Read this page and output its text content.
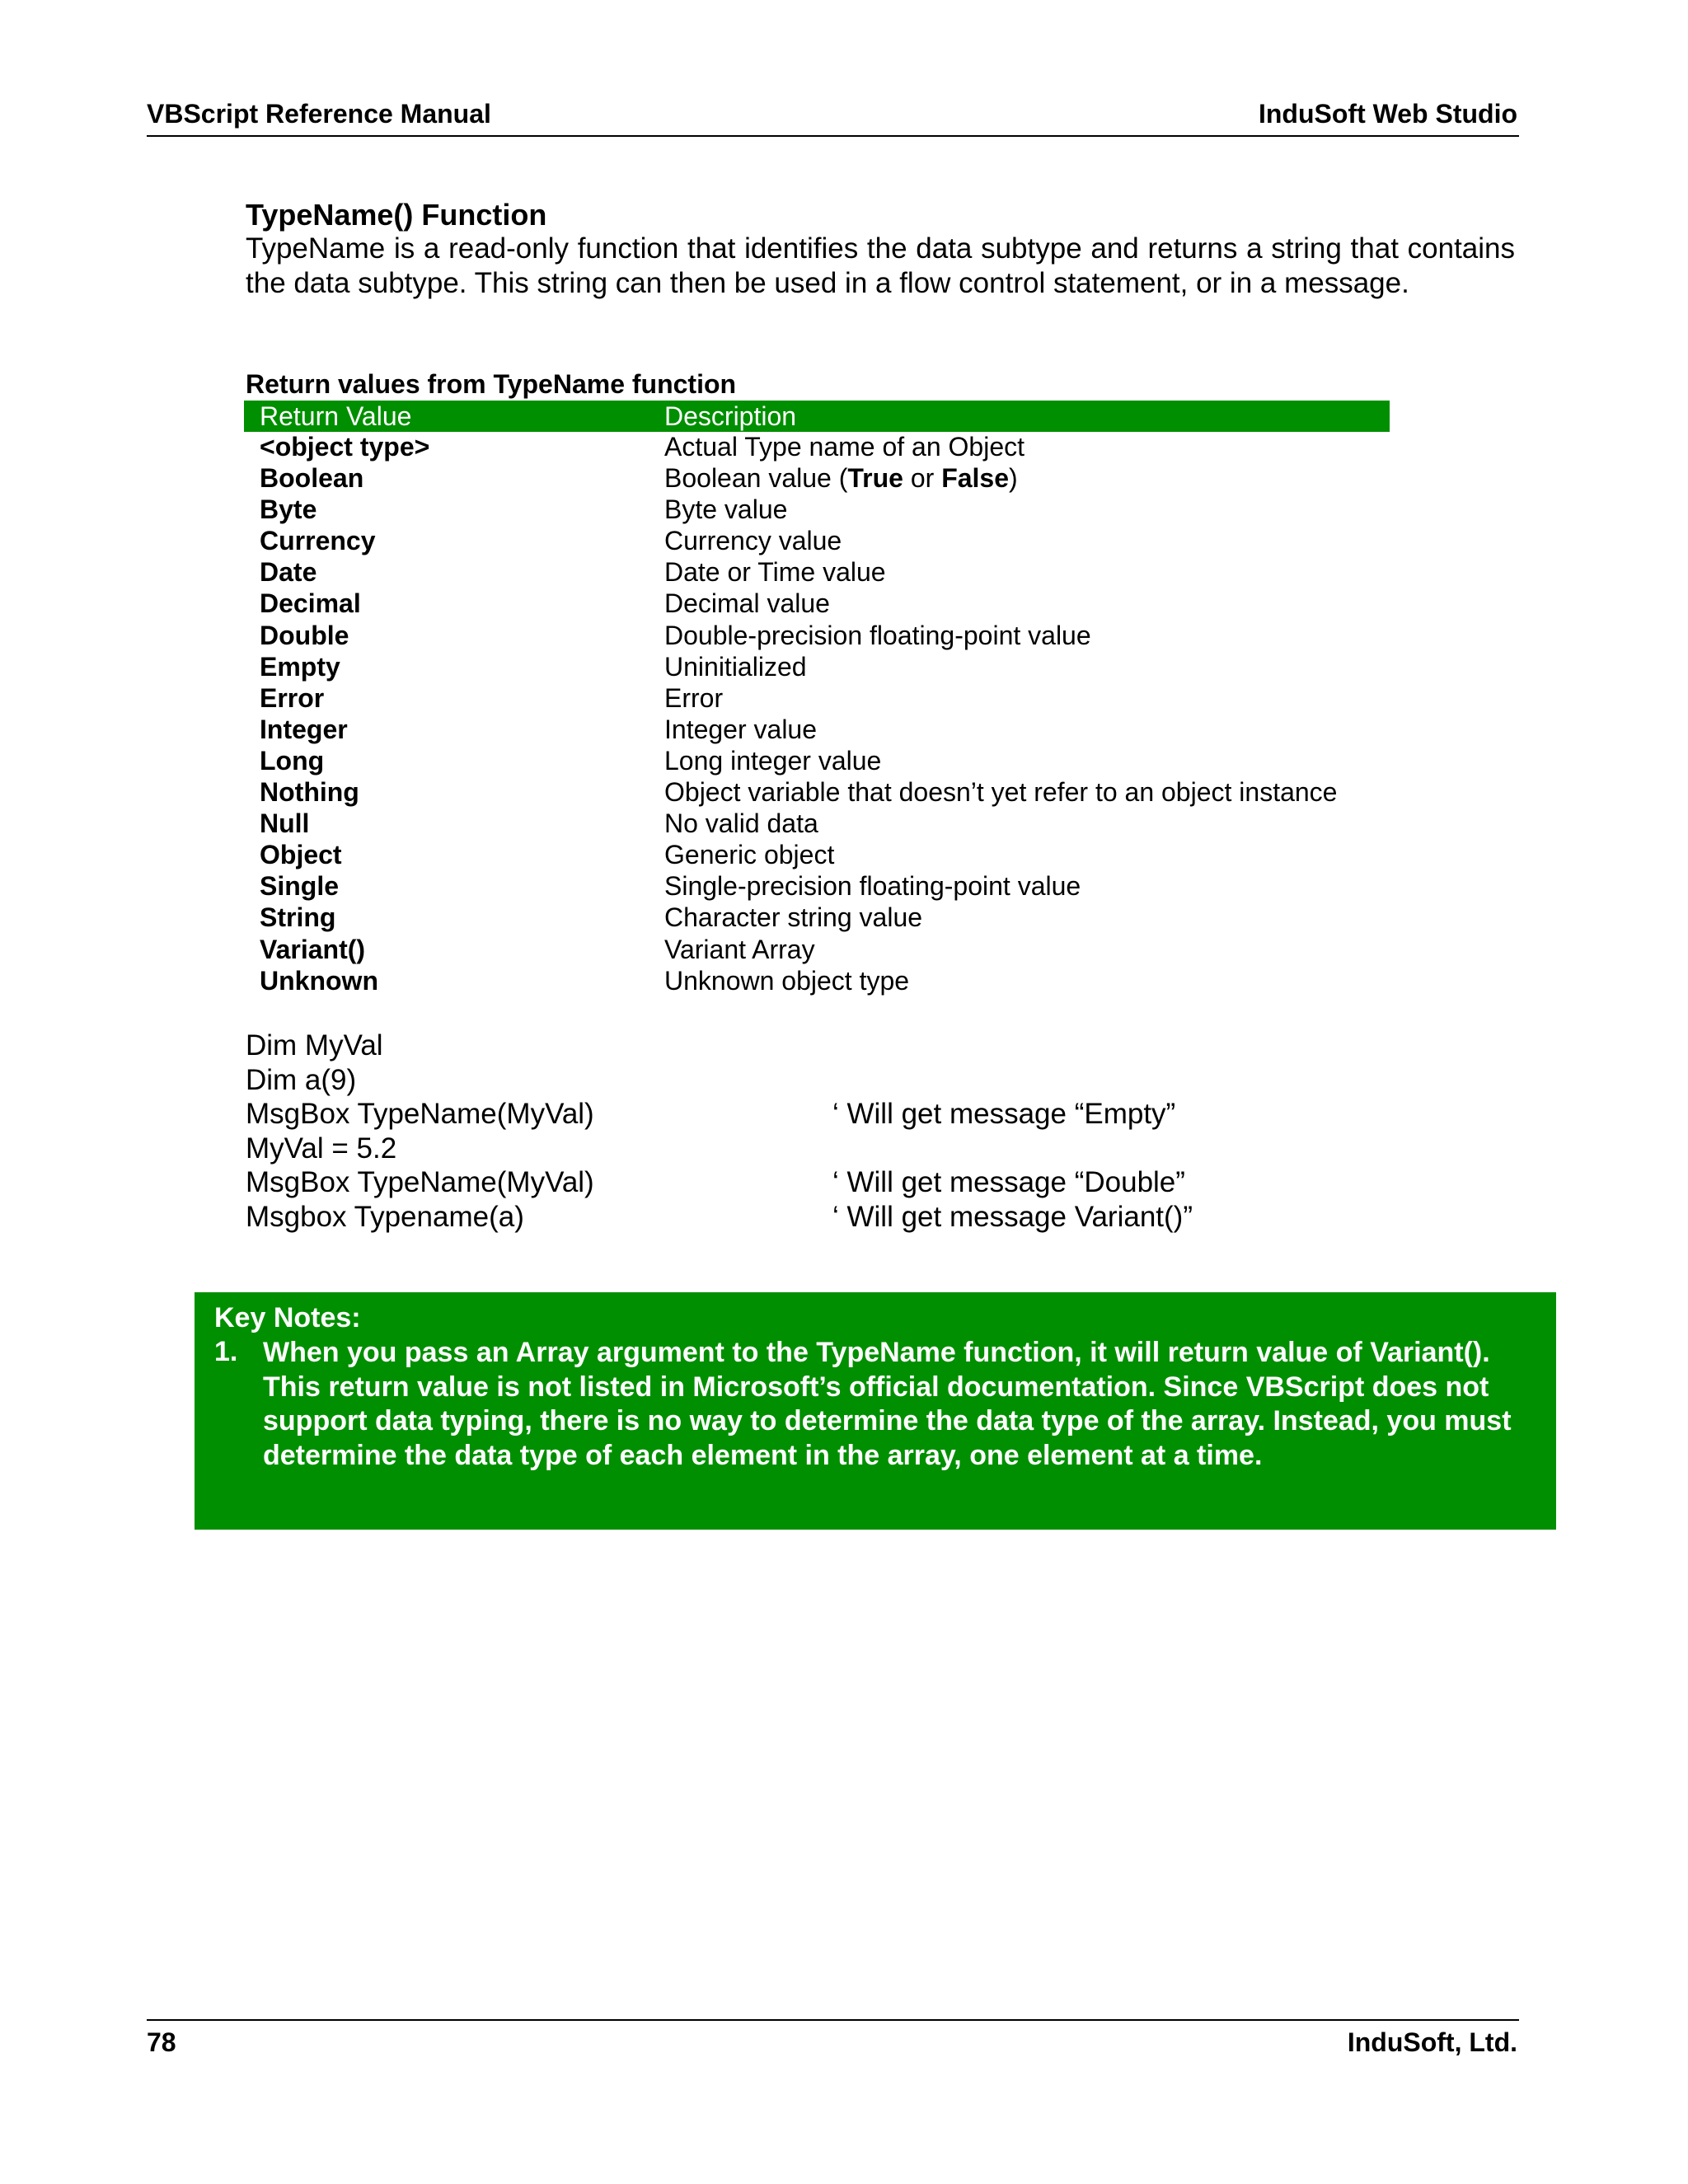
VBScript Reference Manual	InduSoft Web Studio
TypeName() Function
TypeName is a read-only function that identifies the data subtype and returns a string that contains the data subtype. This string can then be used in a flow control statement, or in a message.
Return values from TypeName function
Return Value	Description
<object type>	Actual Type name of an Object
Boolean	Boolean value (True or False)
Byte	Byte value
Currency	Currency value
Date	Date or Time value
Decimal	Decimal value
Double	Double-precision floating-point value
Empty	Uninitialized
Error	Error
Integer	Integer value
Long	Long integer value
Nothing	Object variable that doesn’t yet refer to an object instance
Null	No valid data
Object	Generic object
Single	Single-precision floating-point value
String	Character string value
Variant()	Variant Array
Unknown	Unknown object type
Dim MyVal
Dim a(9)
MsgBox TypeName(MyVal)	‘ Will get message “Empty”
MyVal = 5.2
MsgBox TypeName(MyVal)	‘ Will get message “Double”
Msgbox Typename(a)	‘ Will get message Variant()”
Key Notes:
1. When you pass an Array argument to the TypeName function, it will return value of Variant(). This return value is not listed in Microsoft’s official documentation. Since VBScript does not support data typing, there is no way to determine the data type of the array. Instead, you must determine the data type of each element in the array, one element at a time.
78	InduSoft, Ltd.
